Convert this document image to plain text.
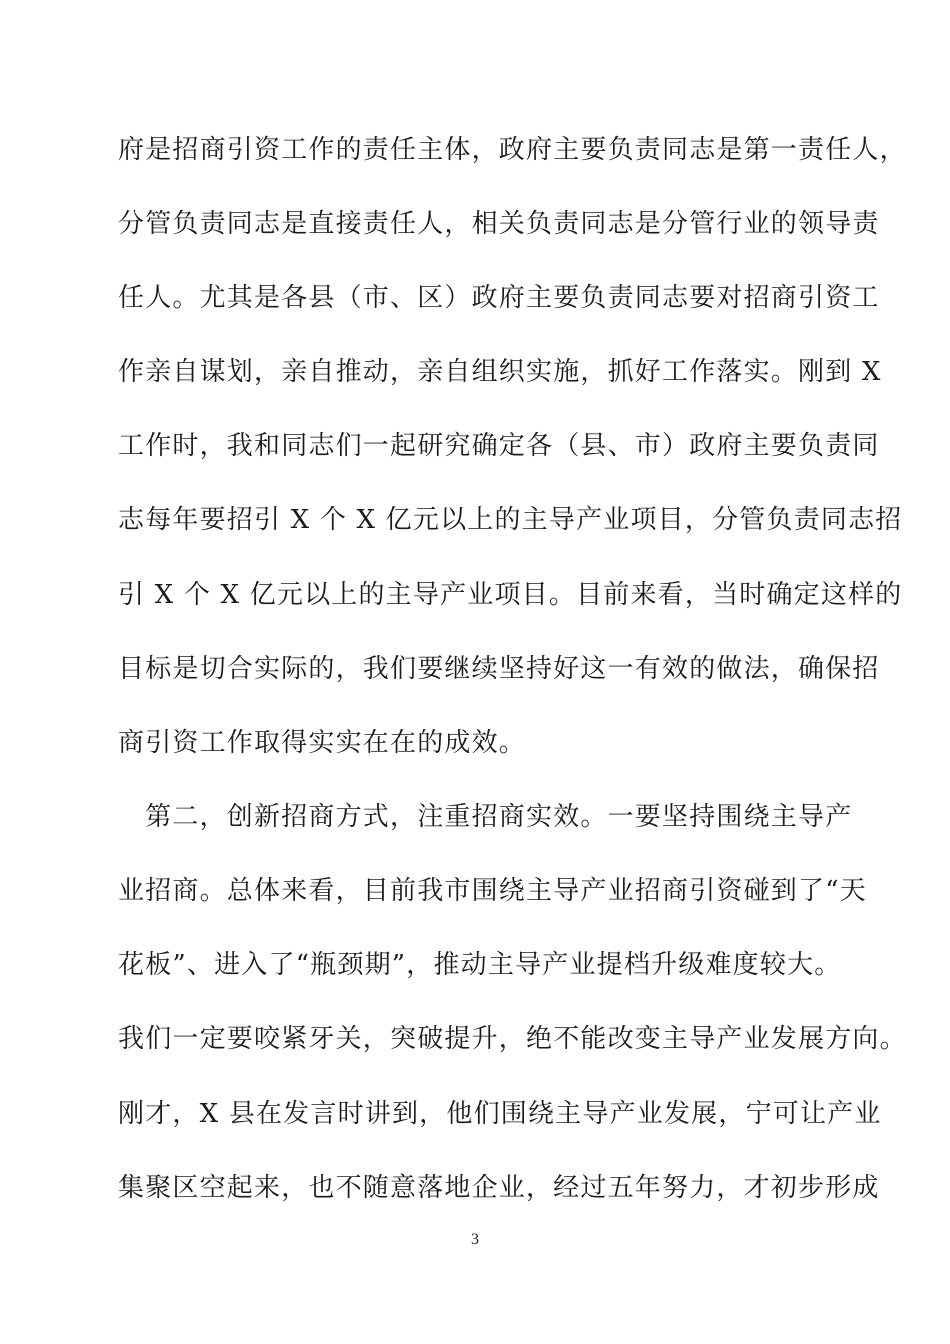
府是招商引资工作的责任主体，政府主要负责同志是第一责任人，
分管负责同志是直接责任人，相关负责同志是分管行业的领导责
任人。尤其是各县（市、区）政府主要负责同志要对招商引资工
作亲自谋划，亲自推动，亲自组织实施，抓好工作落实。刚到 X
工作时，我和同志们一起研究确定各（县、市）政府主要负责同
志每年要招引 X 个 X 亿元以上的主导产业项目，分管负责同志招
引 X 个 X 亿元以上的主导产业项目。目前来看，当时确定这样的
目标是切合实际的，我们要继续坚持好这一有效的做法，确保招
商引资工作取得实实在在的成效。
　第二，创新招商方式，注重招商实效。一要坚持围绕主导产
业招商。总体来看，目前我市围绕主导产业招商引资碰到了“天
花板”、进入了“瓶颈期”，推动主导产业提档升级难度较大。
我们一定要咬紧牙关，突破提升，绝不能改变主导产业发展方向。
刚才，X 县在发言时讲到，他们围绕主导产业发展，宁可让产业
集聚区空起来，也不随意落地企业，经过五年努力，才初步形成
3
